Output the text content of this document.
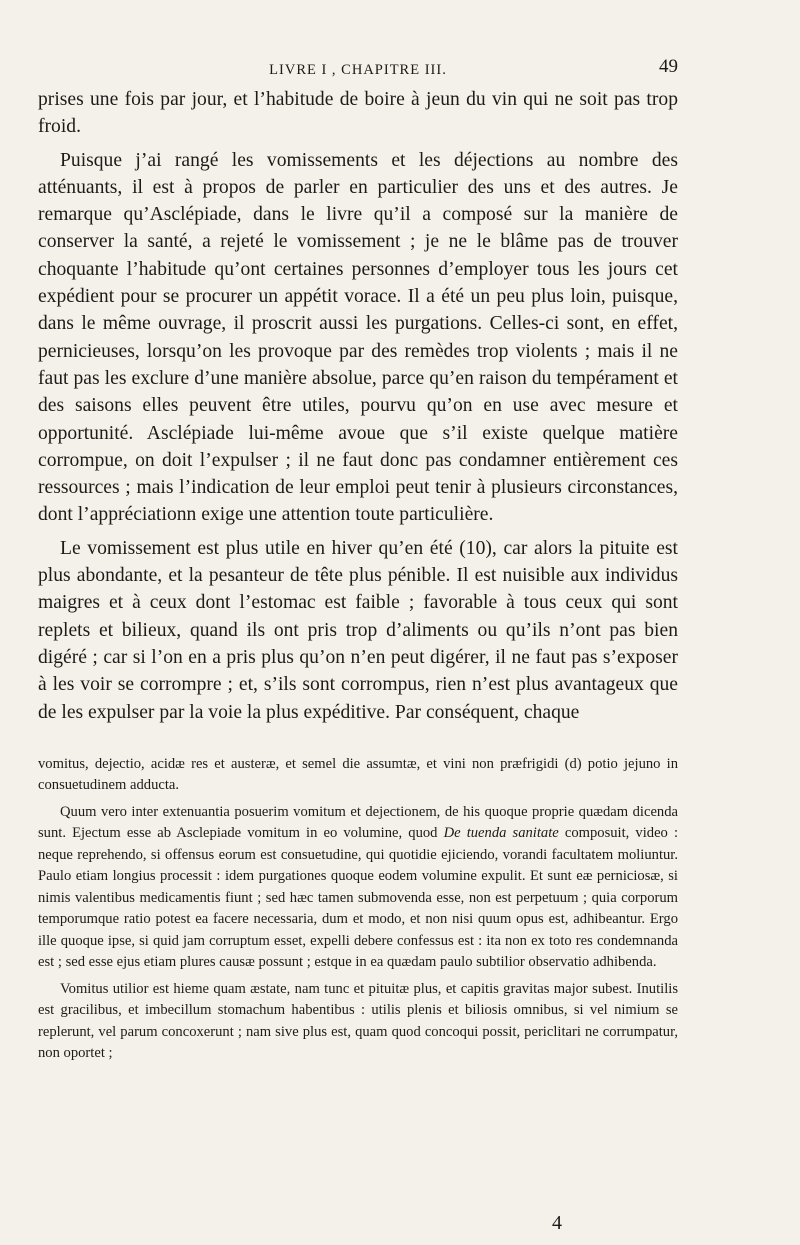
LIVRE I , CHAPITRE III.	49

prises une fois par jour, et l’habitude de boire à jeun du vin qui ne soit pas trop froid.

Puisque j’ai rangé les vomissements et les déjections au nombre des atténuants, il est à propos de parler en particulier des uns et des autres. Je remarque qu’Asclépiade, dans le livre qu’il a composé sur la manière de conserver la santé, a rejeté le vomissement ; je ne le blâme pas de trouver choquante l’habitude qu’ont certaines personnes d’employer tous les jours cet expédient pour se procurer un appétit vorace. Il a été un peu plus loin, puisque, dans le même ouvrage, il proscrit aussi les purgations. Celles-ci sont, en effet, pernicieuses, lorsqu’on les provoque par des remèdes trop violents ; mais il ne faut pas les exclure d’une manière absolue, parce qu’en raison du tempérament et des saisons elles peuvent être utiles, pourvu qu’on en use avec mesure et opportunité. Asclépiade lui-même avoue que s’il existe quelque matière corrompue, on doit l’expulser ; il ne faut donc pas condamner entièrement ces ressources ; mais l’indication de leur emploi peut tenir à plusieurs circonstances, dont l’appréciationn exige une attention toute particulière.

Le vomissement est plus utile en hiver qu’en été (10), car alors la pituite est plus abondante, et la pesanteur de tête plus pénible. Il est nuisible aux individus maigres et à ceux dont l’estomac est faible ; favorable à tous ceux qui sont replets et bilieux, quand ils ont pris trop d’aliments ou qu’ils n’ont pas bien digéré ; car si l’on en a pris plus qu’on n’en peut digérer, il ne faut pas s’exposer à les voir se corrompre ; et, s’ils sont corrompus, rien n’est plus avantageux que de les expulser par la voie la plus expéditive. Par conséquent, chaque

vomitus, dejectio, acidæ res et austeræ, et semel die assumtæ, et vini non præfrigidi (d) potio jejuno in consuetudinem adducta.

Quum vero inter extenuantia posuerim vomitum et dejectionem, de his quoque proprie quædam dicenda sunt. Ejectum esse ab Asclepiade vomitum in eo volumine, quod De tuenda sanitate composuit, video : neque reprehendo, si offensus eorum est consuetudine, qui quotidie ejiciendo, vorandi facultatem moliuntur. Paulo etiam longius processit : idem purgationes quoque eodem volumine expulit. Et sunt eæ perniciosæ, si nimis valentibus medicamentis fiunt ; sed hæc tamen submovenda esse, non est perpetuum ; quia corporum temporumque ratio potest ea facere necessaria, dum et modo, et non nisi quum opus est, adhibeantur. Ergo ille quoque ipse, si quid jam corruptum esset, expelli debere confessus est : ita non ex toto res condemnanda est ; sed esse ejus etiam plures causæ possunt ; estque in ea quædam paulo subtilior observatio adhibenda.

Vomitus utilior est hieme quam æstate, nam tunc et pituitæ plus, et capitis gravitas major subest. Inutilis est gracilibus, et imbecillum stomachum habentibus : utilis plenis et biliosis omnibus, si vel nimium se replerunt, vel parum concoxerunt ; nam sive plus est, quam quod concoqui possit, periclitari ne corrumpatur, non oportet ;

4
